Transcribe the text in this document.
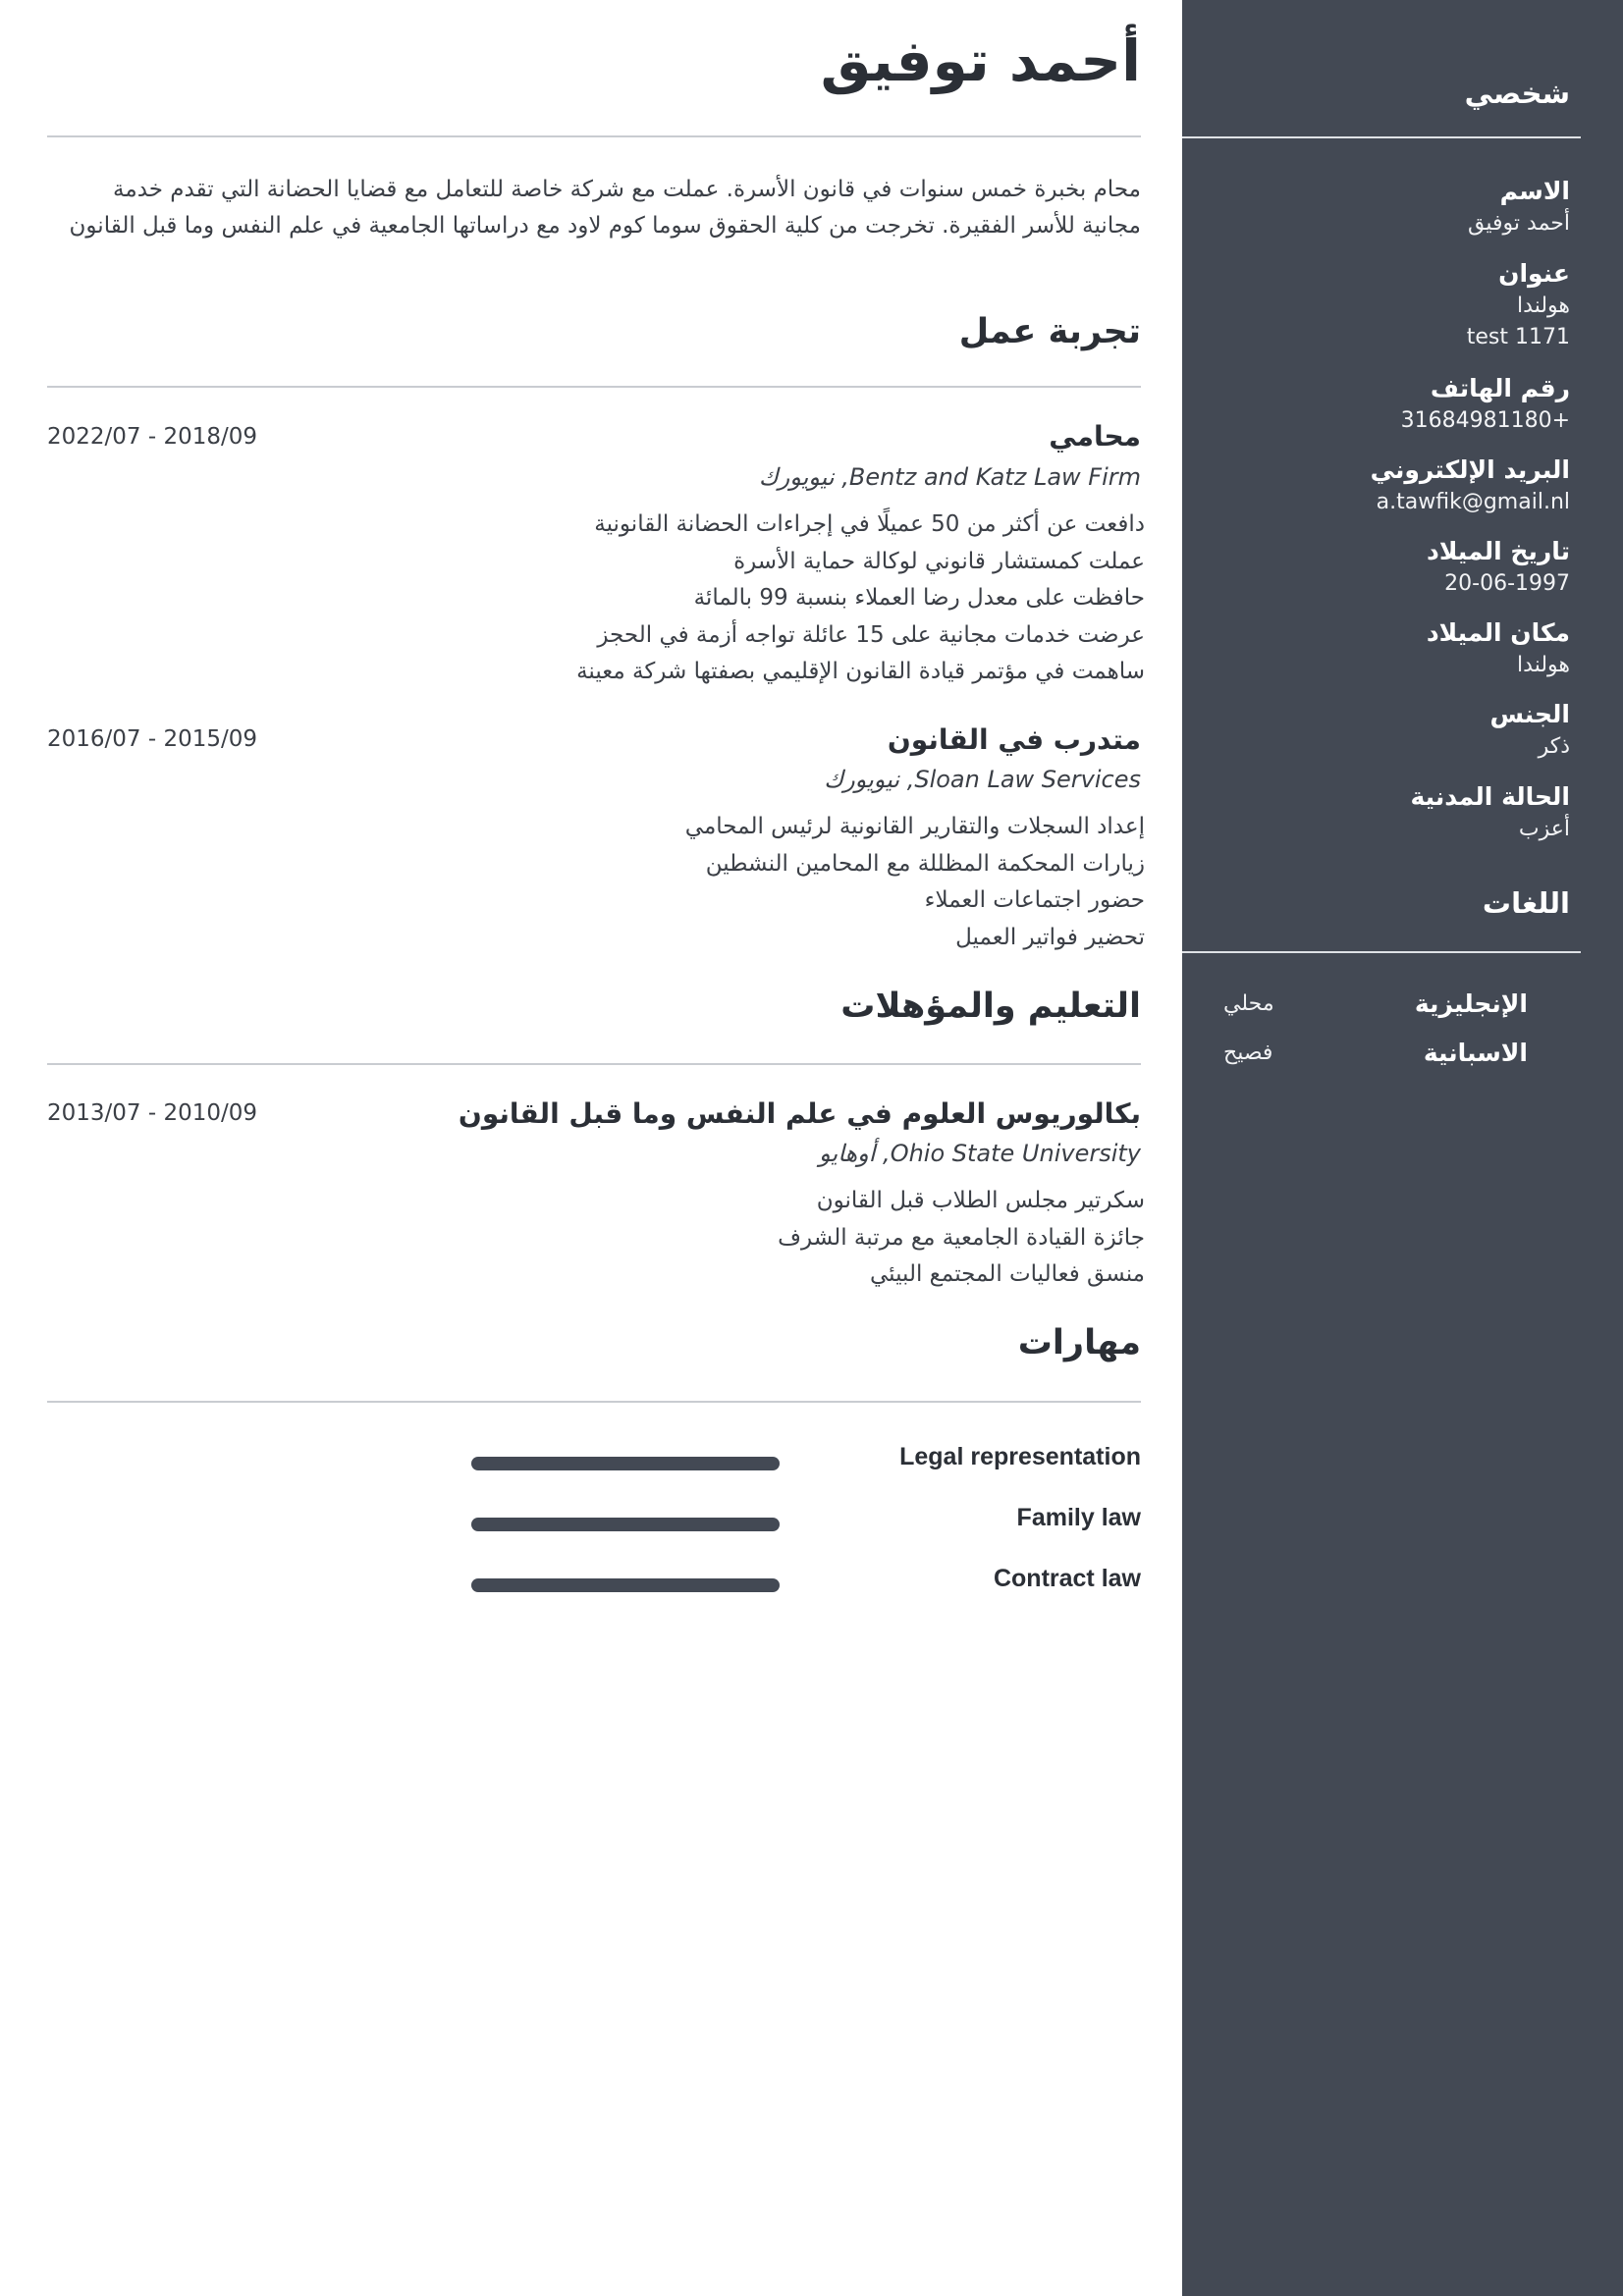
أحمد توفيق

محام بخبرة خمس سنوات في قانون الأسرة. عملت مع شركة خاصة للتعامل مع قضايا الحضانة التي تقدم خدمة مجانية للأسر الفقيرة. تخرجت من كلية الحقوق سوما كوم لاود مع دراساتها الجامعية في علم النفس وما قبل القانون

تجربة عمل
محامي
2022/07 - 2018/09
Bentz and Katz Law Firm, نيويورك
دافعت عن أكثر من 50 عميلًا في إجراءات الحضانة القانونية
عملت كمستشار قانوني لوكالة حماية الأسرة
حافظت على معدل رضا العملاء بنسبة 99 بالمائة
عرضت خدمات مجانية على 15 عائلة تواجه أزمة في الحجز
ساهمت في مؤتمر قيادة القانون الإقليمي بصفتها شركة معينة
متدرب في القانون
2016/07 - 2015/09
Sloan Law Services, نيويورك
إعداد السجلات والتقارير القانونية لرئيس المحامي
زيارات المحكمة المظللة مع المحامين النشطين
حضور اجتماعات العملاء
تحضير فواتير العميل
التعليم والمؤهلات
بكالوريوس العلوم في علم النفس وما قبل القانون
2013/07 - 2010/09
Ohio State University, أوهايو
سكرتير مجلس الطلاب قبل القانون
جائزة القيادة الجامعية مع مرتبة الشرف
منسق فعاليات المجتمع البيئي
مهارات
Legal representation
Family law
Contract law
شخصي
الاسم
أحمد توفيق
عنوان
هولندا
test 1171
رقم الهاتف
+31684981180
البريد الإلكتروني
a.tawfik@gmail.nl
تاريخ الميلاد
20-06-1997
مكان الميلاد
هولندا
الجنس
ذكر
الحالة المدنية
أعزب
اللغات
الإنجليزية
محلي
الاسبانية
فصيح
